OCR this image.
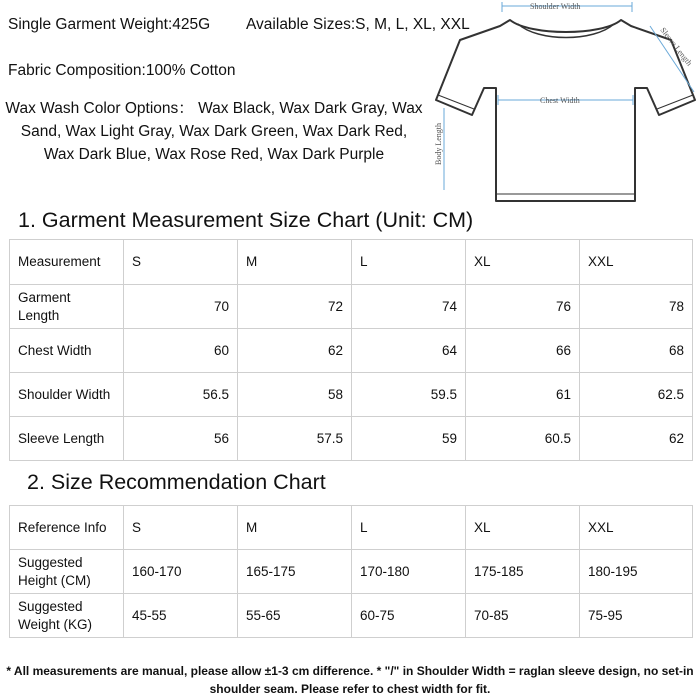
Single Garment Weight:425G Available Sizes:S, M, L, XL, XXL
Fabric Composition:100% Cotton
Wax Wash Color Options： Wax Black, Wax Dark Gray, Wax Sand, Wax Light Gray, Wax Dark Green, Wax Dark Red, Wax Dark Blue, Wax Rose Red, Wax Dark Purple
Shoulder Width
Sleeve Length
Chest Width
Body Length
1. Garment Measurement Size Chart (Unit: CM)
Measurement	S	M	L	XL	XXL
Garment Length	70	72	74	76	78
Chest Width	60	62	64	66	68
Shoulder Width	56.5	58	59.5	61	62.5
Sleeve Length	56	57.5	59	60.5	62
2. Size Recommendation Chart
Reference Info	S	M	L	XL	XXL
Suggested Height (CM)	160-170	165-175	170-180	175-185	180-195
Suggested Weight (KG)	45-55	55-65	60-75	70-85	75-95
* All measurements are manual, please allow ±1-3 cm difference. * "/" in Shoulder Width = raglan sleeve design, no set-in shoulder seam. Please refer to chest width for fit.
